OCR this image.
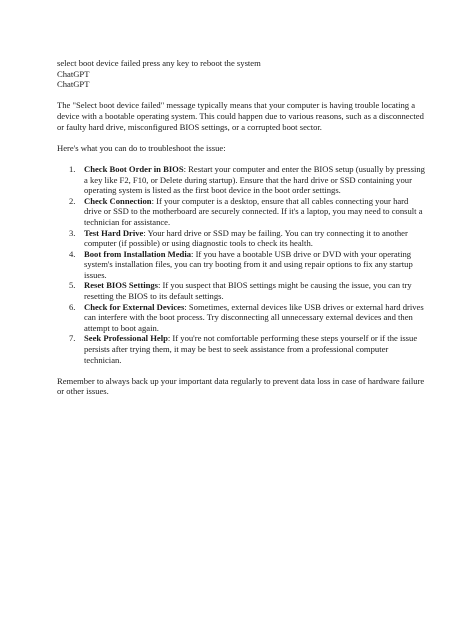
select boot device failed press any key to reboot the system
ChatGPT
ChatGPT

The "Select boot device failed" message typically means that your computer is having trouble locating a device with a bootable operating system. This could happen due to various reasons, such as a disconnected or faulty hard drive, misconfigured BIOS settings, or a corrupted boot sector.

Here's what you can do to troubleshoot the issue:

1. Check Boot Order in BIOS: Restart your computer and enter the BIOS setup (usually by pressing a key like F2, F10, or Delete during startup). Ensure that the hard drive or SSD containing your operating system is listed as the first boot device in the boot order settings.
2. Check Connection: If your computer is a desktop, ensure that all cables connecting your hard drive or SSD to the motherboard are securely connected. If it's a laptop, you may need to consult a technician for assistance.
3. Test Hard Drive: Your hard drive or SSD may be failing. You can try connecting it to another computer (if possible) or using diagnostic tools to check its health.
4. Boot from Installation Media: If you have a bootable USB drive or DVD with your operating system's installation files, you can try booting from it and using repair options to fix any startup issues.
5. Reset BIOS Settings: If you suspect that BIOS settings might be causing the issue, you can try resetting the BIOS to its default settings.
6. Check for External Devices: Sometimes, external devices like USB drives or external hard drives can interfere with the boot process. Try disconnecting all unnecessary external devices and then attempt to boot again.
7. Seek Professional Help: If you're not comfortable performing these steps yourself or if the issue persists after trying them, it may be best to seek assistance from a professional computer technician.

Remember to always back up your important data regularly to prevent data loss in case of hardware failure or other issues.
